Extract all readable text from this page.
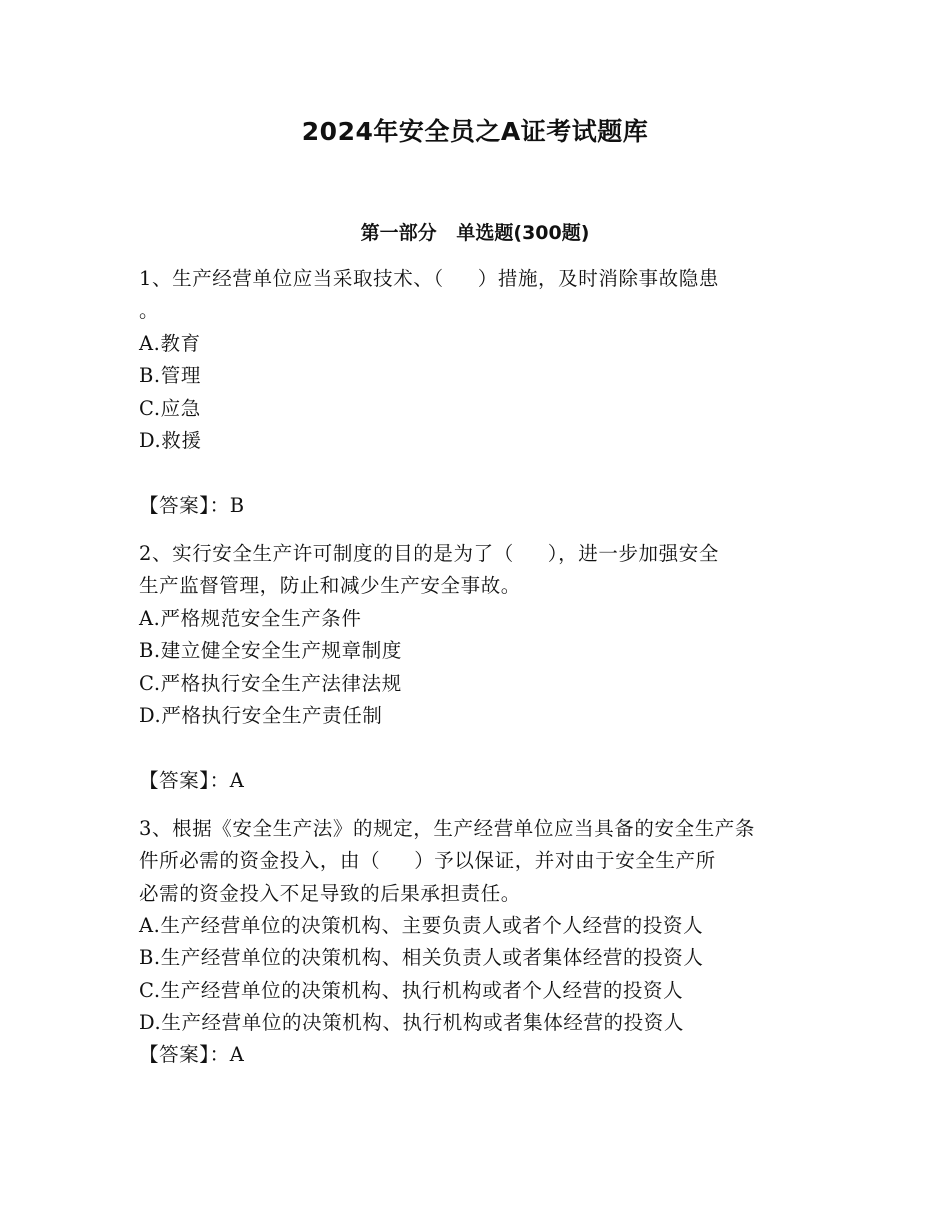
2024年安全员之A证考试题库
第一部分   单选题(300题)
1、生产经营单位应当采取技术、（     ）措施，及时消除事故隐患
。
A.教育
B.管理
C.应急
D.救援
【答案】：B
2、实行安全生产许可制度的目的是为了（     ），进一步加强安全
生产监督管理，防止和减少生产安全事故。
A.严格规范安全生产条件
B.建立健全安全生产规章制度
C.严格执行安全生产法律法规
D.严格执行安全生产责任制
【答案】：A
3、根据《安全生产法》的规定，生产经营单位应当具备的安全生产条
件所必需的资金投入，由（     ）予以保证，并对由于安全生产所
必需的资金投入不足导致的后果承担责任。
A.生产经营单位的决策机构、主要负责人或者个人经营的投资人
B.生产经营单位的决策机构、相关负责人或者集体经营的投资人
C.生产经营单位的决策机构、执行机构或者个人经营的投资人
D.生产经营单位的决策机构、执行机构或者集体经营的投资人
【答案】：A
